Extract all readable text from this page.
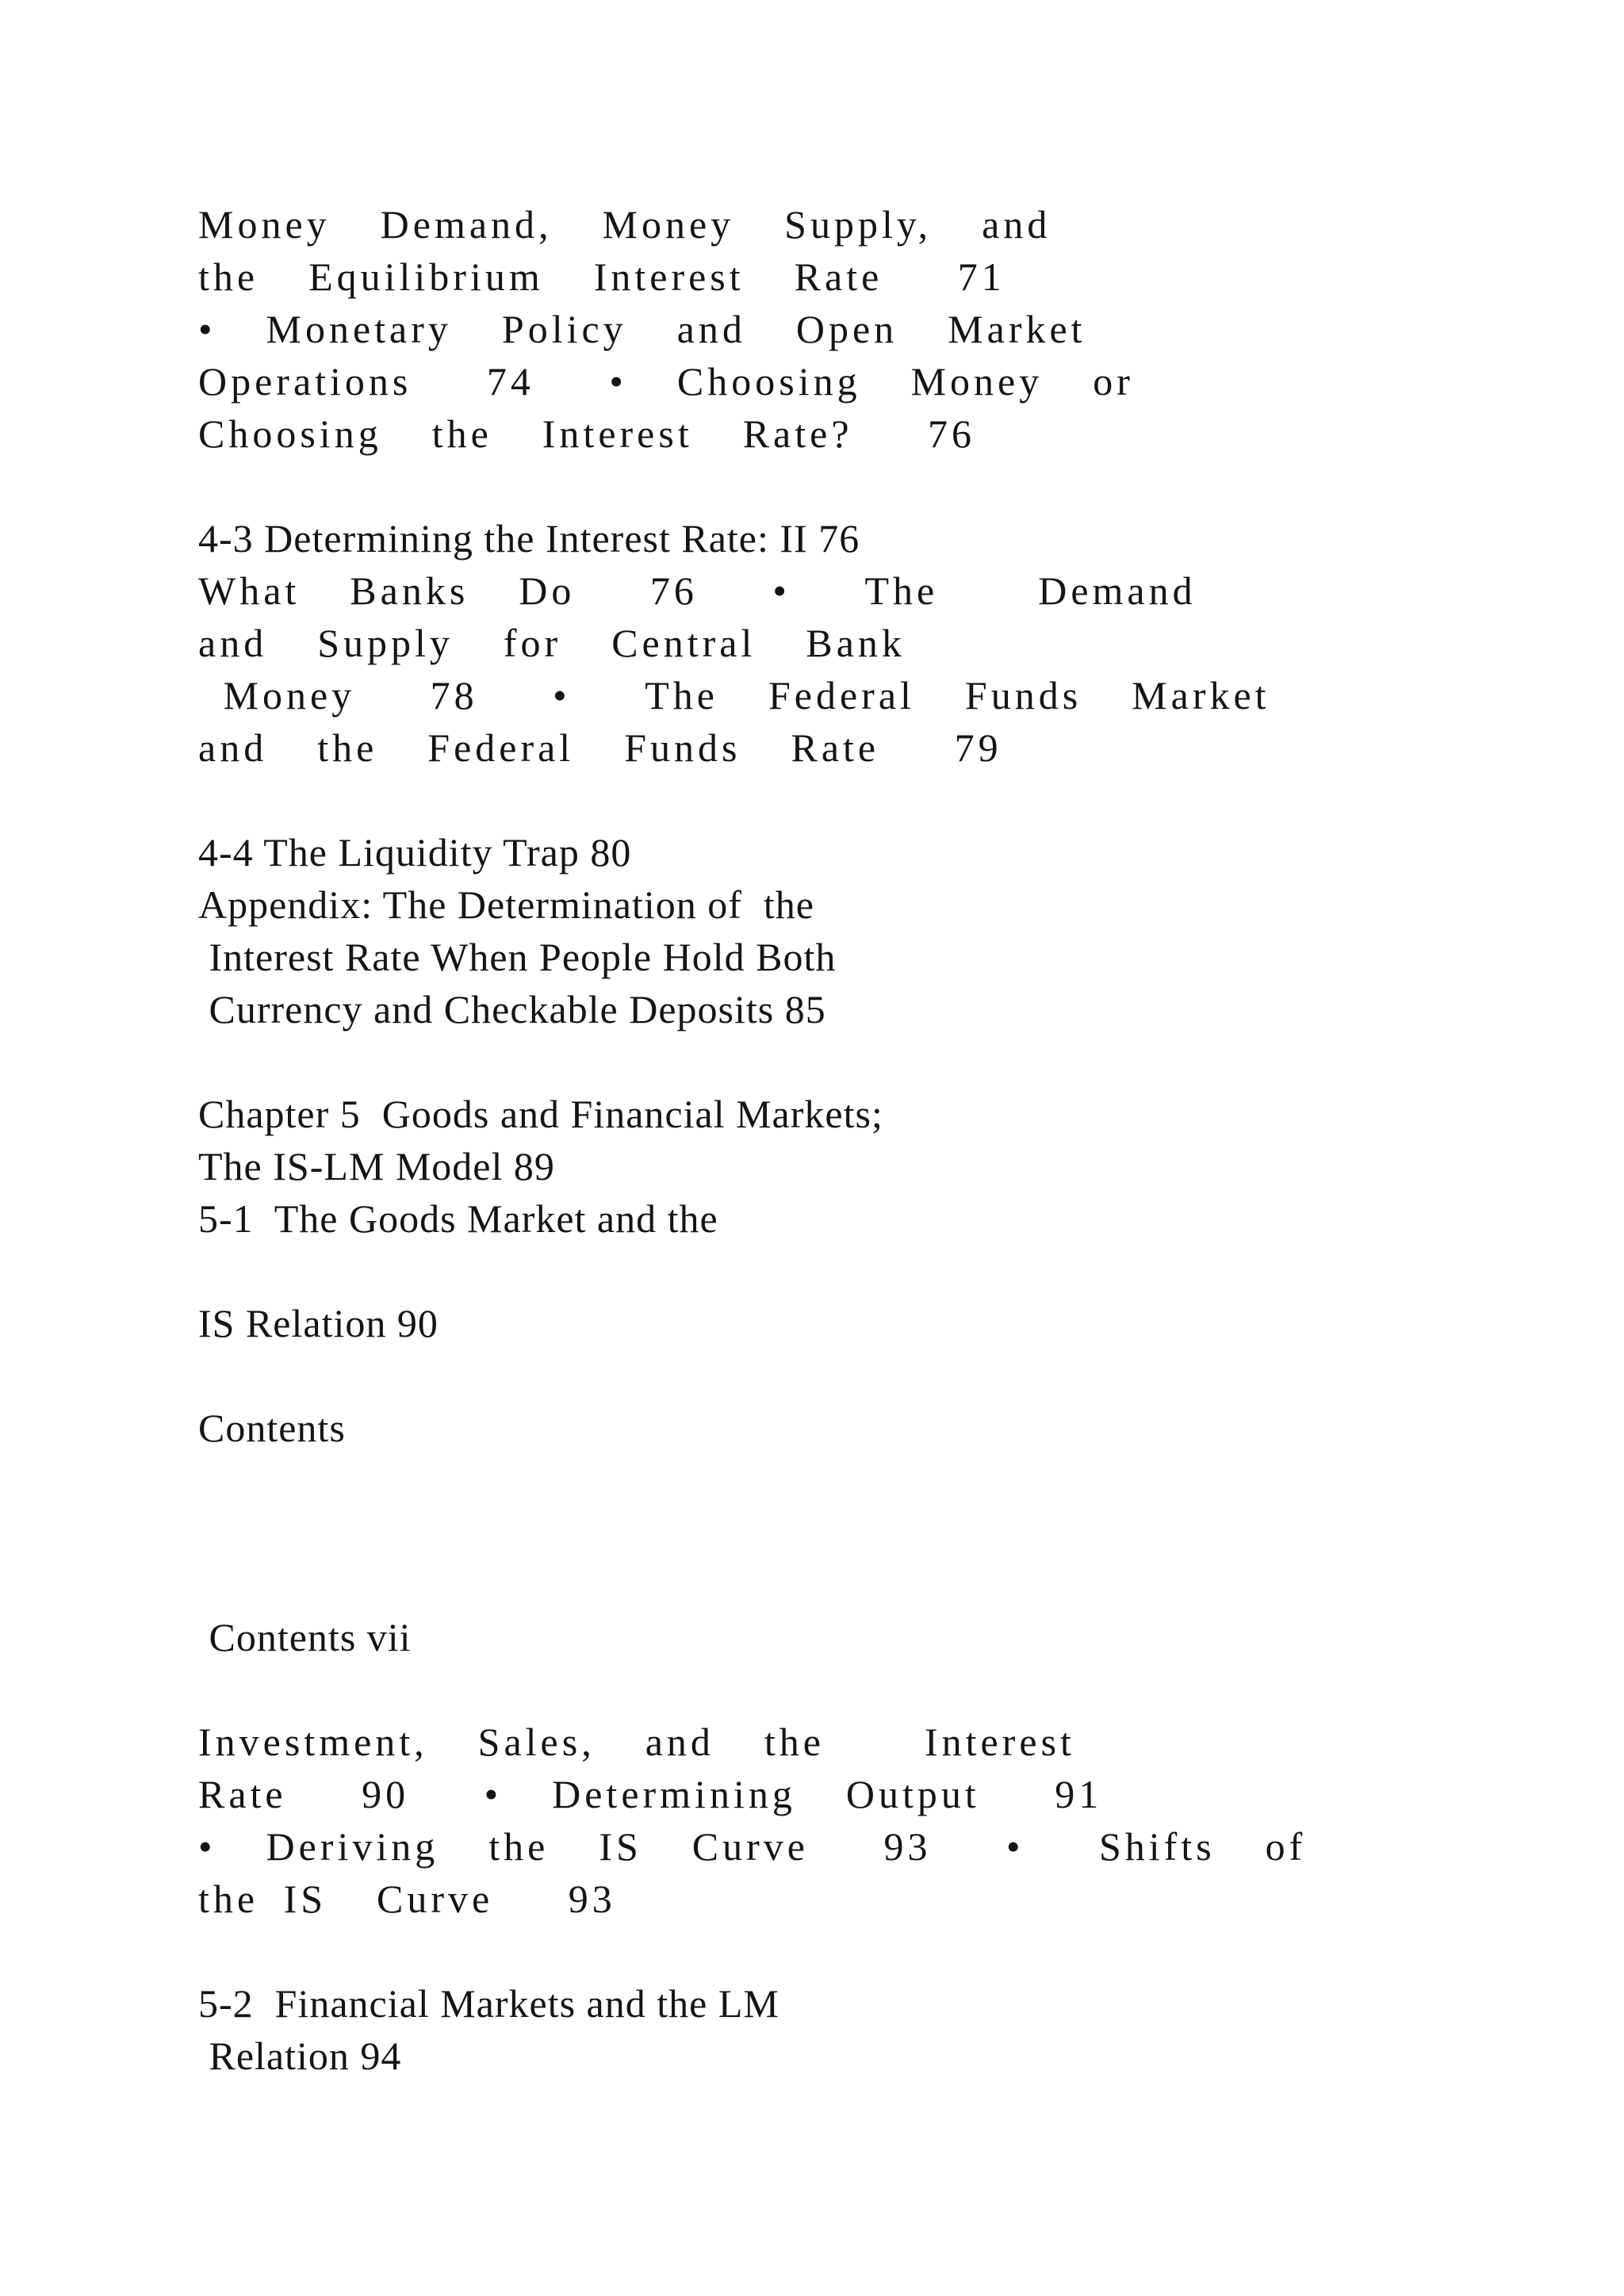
Money  Demand,  Money  Supply,  and

the  Equilibrium  Interest  Rate   71

•  Monetary  Policy  and  Open  Market

Operations   74   •  Choosing  Money  or

Choosing  the  Interest  Rate?   76

4-3 Determining the Interest Rate: II 76

What  Banks  Do   76   •   The    Demand

and  Supply  for  Central  Bank

Money   78   •   The  Federal  Funds  Market

and  the  Federal  Funds  Rate   79

4-4 The Liquidity Trap 80

Appendix: The Determination of  the

Interest Rate When People Hold Both

Currency and Checkable Deposits 85

Chapter 5  Goods and Financial Markets;

The IS-LM Model 89

5-1  The Goods Market and the

IS Relation 90

Contents

Contents vii

Investment,  Sales,  and  the    Interest

Rate   90   •  Determining  Output   91

•  Deriving  the  IS  Curve   93   •   Shifts  of

the IS  Curve   93

5-2  Financial Markets and the LM

Relation 94
